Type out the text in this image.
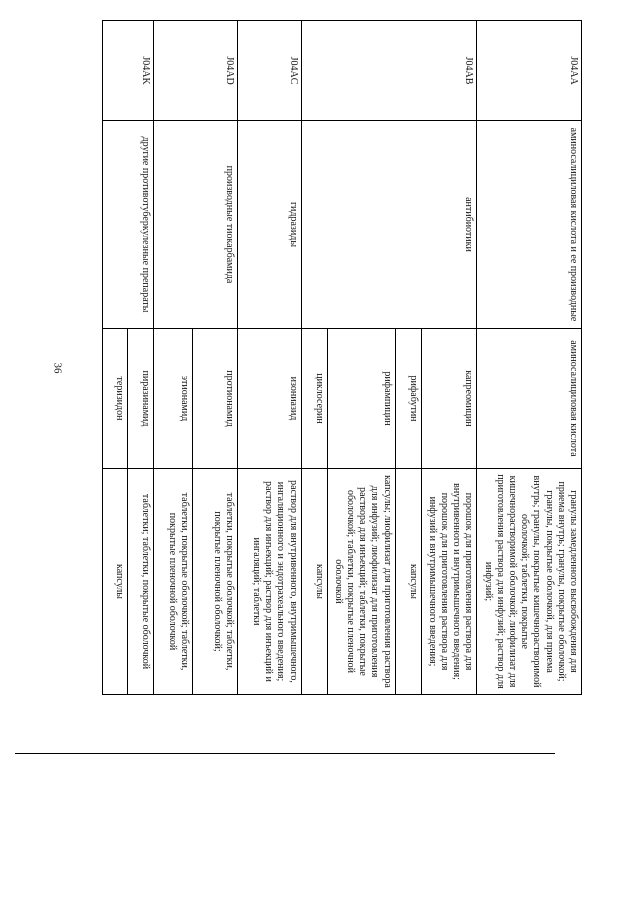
36
J04AA	аминосалициловая кислота и ее производные	аминосалициловая кислота	гранулы замедленного высвобождения для приема внутрь; гранулы, покрытые оболочкой; гранулы, покрытые оболочкой, для приема внутрь; гранулы, покрытые кишечнорастворимой оболочкой; таблетки, покрытые кишечнорастворимой оболочкой; лиофилизат для приготовления раствора для инфузий; раствор для инфузий;
J04AB	антибиотики	капреомицин	порошок для приготовления раствора для внутривенного и внутримышечного введения; порошок для приготовления раствора для инфузий и внутримышечного введения;
		рифабутин	капсулы
		рифампицин	капсулы; лиофилизат для приготовления раствора для инфузий; лиофилизат для приготовления раствора для инъекций; таблетки, покрытые оболочкой; таблетки, покрытые пленочной оболочкой
		циклосерин	капсулы
J04AC	гидразиды	изониазид	раствор для внутривенного, внутримышечного, ингаляционного и эндотрахеального введения; раствор для инъекций; раствор для инъекций и ингаляций; таблетки
J04AD	производные тиокарбамида	протионамид	таблетки, покрытые оболочкой; таблетки, покрытые пленочной оболочкой;
		этионамид	таблетки, покрытые оболочкой; таблетки, покрытые пленочной оболочкой
J04AK	другие противотуберкулезные препараты	пиразинамид	таблетки; таблетки, покрытые оболочкой
		теризидон	капсулы
